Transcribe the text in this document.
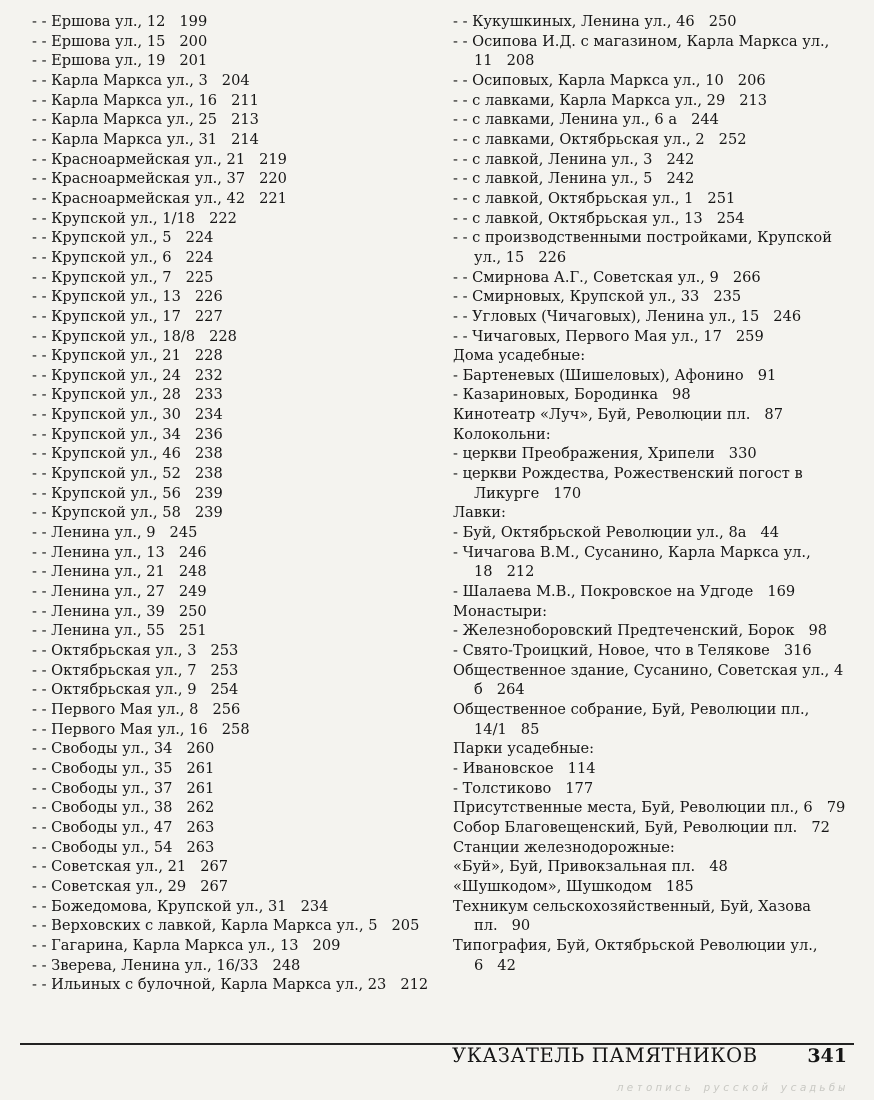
- - Ершова ул., 12 199
- - Ершова ул., 15 200
- - Ершова ул., 19 201
- - Карла Маркса ул., 3 204
- - Карла Маркса ул., 16 211
- - Карла Маркса ул., 25 213
- - Карла Маркса ул., 31 214
- - Красноармейская ул., 21 219
- - Красноармейская ул., 37 220
- - Красноармейская ул., 42 221
- - Крупской ул., 1/18 222
- - Крупской ул., 5 224
- - Крупской ул., 6 224
- - Крупской ул., 7 225
- - Крупской ул., 13 226
- - Крупской ул., 17 227
- - Крупской ул., 18/8 228
- - Крупской ул., 21 228
- - Крупской ул., 24 232
- - Крупской ул., 28 233
- - Крупской ул., 30 234
- - Крупской ул., 34 236
- - Крупской ул., 46 238
- - Крупской ул., 52 238
- - Крупской ул., 56 239
- - Крупской ул., 58 239
- - Ленина ул., 9 245
- - Ленина ул., 13 246
- - Ленина ул., 21 248
- - Ленина ул., 27 249
- - Ленина ул., 39 250
- - Ленина ул., 55 251
- - Октябрьская ул., 3 253
- - Октябрьская ул., 7 253
- - Октябрьская ул., 9 254
- - Первого Мая ул., 8 256
- - Первого Мая ул., 16 258
- - Свободы ул., 34 260
- - Свободы ул., 35 261
- - Свободы ул., 37 261
- - Свободы ул., 38 262
- - Свободы ул., 47 263
- - Свободы ул., 54 263
- - Советская ул., 21 267
- - Советская ул., 29 267
- - Божедомова, Крупской ул., 31 234
- - Верховских с лавкой, Карла Маркса ул., 5 205
- - Гагарина, Карла Маркса ул., 13 209
- - Зверева, Ленина ул., 16/33 248
- - Ильиных с булочной, Карла Маркса ул., 23 212
- - Кукушкиных, Ленина ул., 46 250
- - Осипова И.Д. с магазином, Карла Маркса ул., 11 208
- - Осиповых, Карла Маркса ул., 10 206
- - с лавками, Карла Маркса ул., 29 213
- - с лавками, Ленина ул., 6 а 244
- - с лавками, Октябрьская ул., 2 252
- - с лавкой, Ленина ул., 3 242
- - с лавкой, Ленина ул., 5 242
- - с лавкой, Октябрьская ул., 1 251
- - с лавкой, Октябрьская ул., 13 254
- - с производственными постройками, Крупской ул., 15 226
- - Смирнова А.Г., Советская ул., 9 266
- - Смирновых, Крупской ул., 33 235
- - Угловых (Чичаговых), Ленина ул., 15 246
- - Чичаговых, Первого Мая ул., 17 259
Дома усадебные:
- Бартеневых (Шишеловых), Афонино 91
- Казариновых, Бородинка 98
Кинотеатр «Луч», Буй, Революции пл. 87
Колокольни:
- церкви Преображения, Хрипели 330
- церкви Рождества, Рожественский погост в Ликурге 170
Лавки:
- Буй, Октябрьской Революции ул., 8а 44
- Чичагова В.М., Сусанино, Карла Маркса ул., 18 212
- Шалаева М.В., Покровское на Удгоде 169
Монастыри:
- Железноборовский Предтеченский, Борок 98
- Свято-Троицкий, Новое, что в Телякове 316
Общественное здание, Сусанино, Советская ул., 4 б 264
Общественное собрание, Буй, Революции пл., 14/1 85
Парки усадебные:
- Ивановское 114
- Толстиково 177
Присутственные места, Буй, Революции пл., 6 79
Собор Благовещенский, Буй, Революции пл. 72
Станции железнодорожные:
«Буй», Буй, Привокзальная пл. 48
«Шушкодом», Шушкодом 185
Техникум сельскохозяйственный, Буй, Хазова пл. 90
Типография, Буй, Октябрьской Революции ул., 6 42
УКАЗАТЕЛЬ ПАМЯТНИКОВ	341
летопись русской усадьбы
